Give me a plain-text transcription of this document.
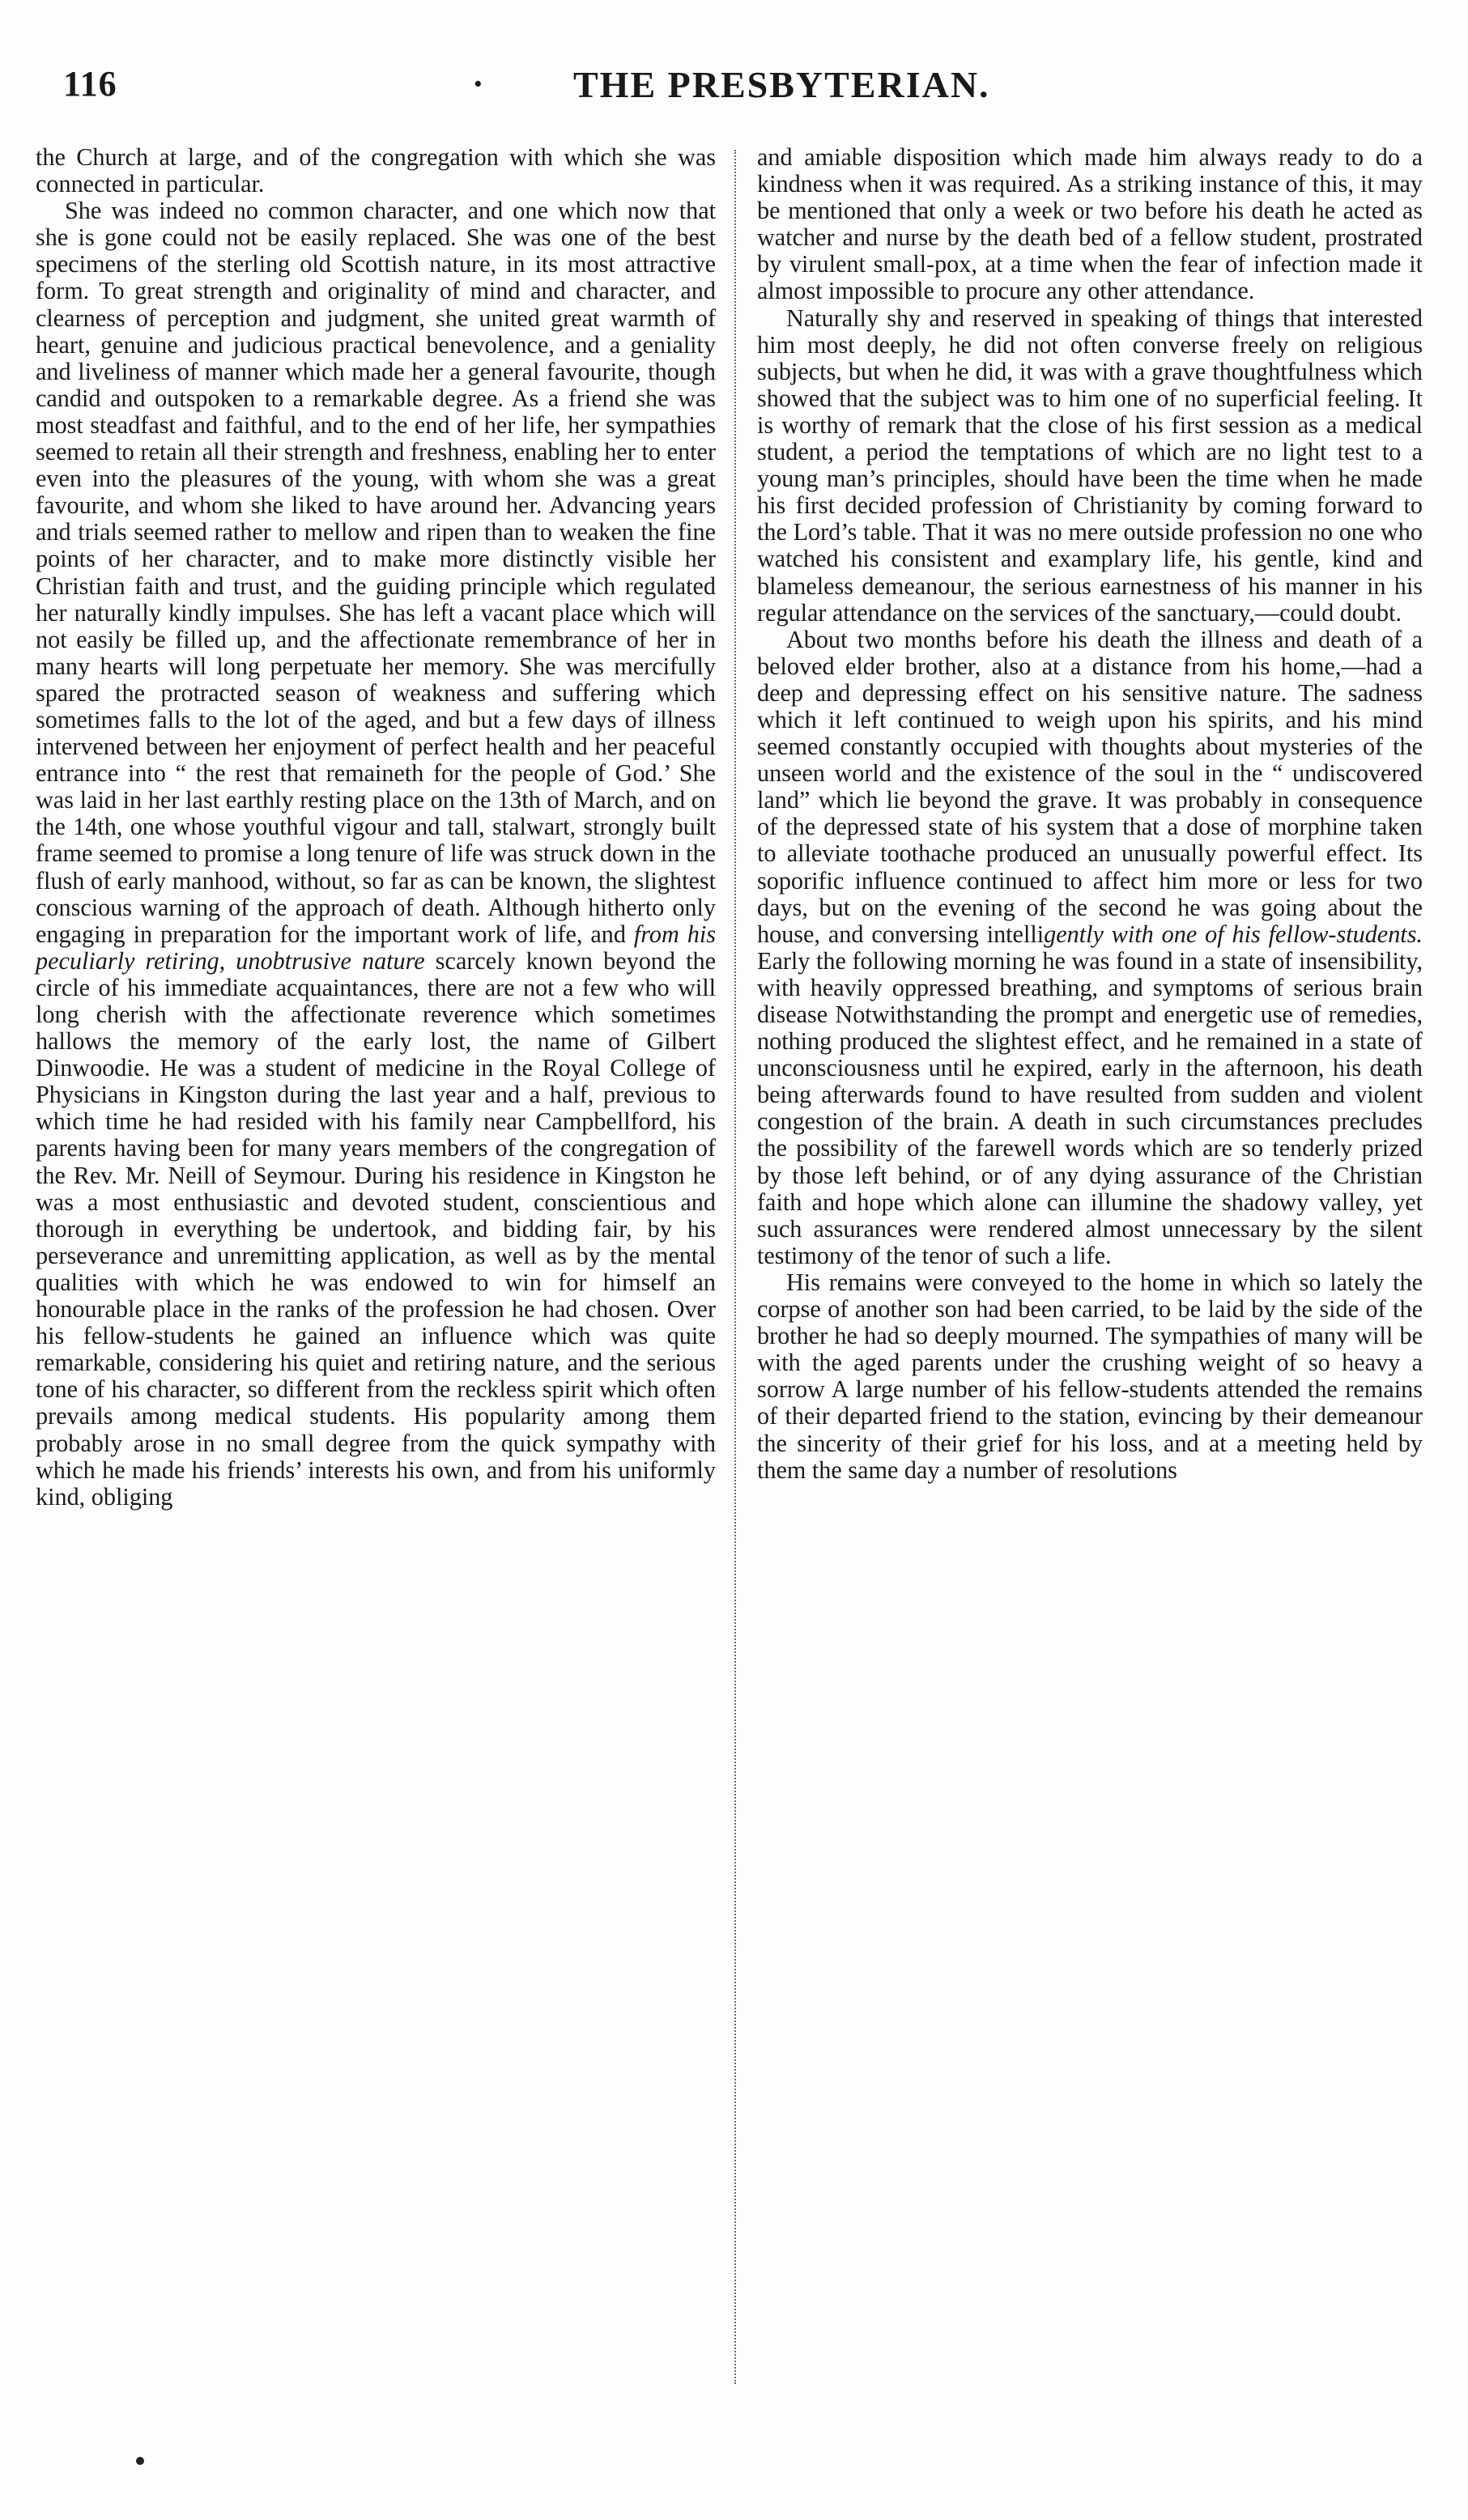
116	· THE PRESBYTERIAN.

the Church at large, and of the congregation with which she was connected in particular.

She was indeed no common character, and one which now that she is gone could not be easily replaced. She was one of the best specimens of the sterling old Scottish nature, in its most attractive form. To great strength and originality of mind and character, and clearness of perception and judgment, she united great warmth of heart, genuine and judicious practical benevolence, and a geniality and liveliness of manner which made her a general favourite, though candid and outspoken to a remarkable degree. As a friend she was most steadfast and faithful, and to the end of her life, her sympathies seemed to retain all their strength and freshness, enabling her to enter even into the pleasures of the young, with whom she was a great favourite, and whom she liked to have around her. Advancing years and trials seemed rather to mellow and ripen than to weaken the fine points of her character, and to make more distinctly visible her Christian faith and trust, and the guiding principle which regulated her naturally kindly impulses. She has left a vacant place which will not easily be filled up, and the affectionate remembrance of her in many hearts will long perpetuate her memory. She was mercifully spared the protracted season of weakness and suffering which sometimes falls to the lot of the aged, and but a few days of illness intervened between her enjoyment of perfect health and her peaceful entrance into “ the rest that remaineth for the people of God.’ She was laid in her last earthly resting place on the 13th of March, and on the 14th, one whose youthful vigour and tall, stalwart, strongly built frame seemed to promise a long tenure of life was struck down in the flush of early manhood, without, so far as can be known, the slightest conscious warning of the approach of death. Although hitherto only engaging in preparation for the important work of life, and from his peculiarly retiring, unobtrusive nature scarcely known beyond the circle of his immediate acquaintances, there are not a few who will long cherish with the affectionate reverence which sometimes hallows the memory of the early lost, the name of Gilbert Dinwoodie. He was a student of medicine in the Royal College of Physicians in Kingston during the last year and a half, previous to which time he had resided with his family near Campbellford, his parents having been for many years members of the congregation of the Rev. Mr. Neill of Seymour. During his residence in Kingston he was a most enthusiastic and devoted student, conscientious and thorough in everything be undertook, and bidding fair, by his perseverance and unremitting application, as well as by the mental qualities with which he was endowed to win for himself an honourable place in the ranks of the profession he had chosen. Over his fellow-students he gained an influence which was quite remarkable, considering his quiet and retiring nature, and the serious tone of his character, so different from the reckless spirit which often prevails among medical students. His popularity among them probably arose in no small degree from the quick sympathy with which he made his friends’ interests his own, and from his uniformly kind, obliging

and amiable disposition which made him always ready to do a kindness when it was required. As a striking instance of this, it may be mentioned that only a week or two before his death he acted as watcher and nurse by the death bed of a fellow student, prostrated by virulent small-pox, at a time when the fear of infection made it almost impossible to procure any other attendance.

Naturally shy and reserved in speaking of things that interested him most deeply, he did not often converse freely on religious subjects, but when he did, it was with a grave thoughtfulness which showed that the subject was to him one of no superficial feeling. It is worthy of remark that the close of his first session as a medical student, a period the temptations of which are no light test to a young man’s principles, should have been the time when he made his first decided profession of Christianity by coming forward to the Lord’s table. That it was no mere outside profession no one who watched his consistent and examplary life, his gentle, kind and blameless demeanour, the serious earnestness of his manner in his regular attendance on the services of the sanctuary,—could doubt.

About two months before his death the illness and death of a beloved elder brother, also at a distance from his home,—had a deep and depressing effect on his sensitive nature. The sadness which it left continued to weigh upon his spirits, and his mind seemed constantly occupied with thoughts about mysteries of the unseen world and the existence of the soul in the “ undiscovered land” which lie beyond the grave. It was probably in consequence of the depressed state of his system that a dose of morphine taken to alleviate toothache produced an unusually powerful effect. Its soporific influence continued to affect him more or less for two days, but on the evening of the second he was going about the house, and conversing intelligently with one of his fellow-students. Early the following morning he was found in a state of insensibility, with heavily oppressed breathing, and symptoms of serious brain disease Notwithstanding the prompt and energetic use of remedies, nothing produced the slightest effect, and he remained in a state of unconsciousness until he expired, early in the afternoon, his death being afterwards found to have resulted from sudden and violent congestion of the brain. A death in such circumstances precludes the possibility of the farewell words which are so tenderly prized by those left behind, or of any dying assurance of the Christian faith and hope which alone can illumine the shadowy valley, yet such assurances were rendered almost unnecessary by the silent testimony of the tenor of such a life.

His remains were conveyed to the home in which so lately the corpse of another son had been carried, to be laid by the side of the brother he had so deeply mourned. The sympathies of many will be with the aged parents under the crushing weight of so heavy a sorrow A large number of his fellow-students attended the remains of their departed friend to the station, evincing by their demeanour the sincerity of their grief for his loss, and at a meeting held by them the same day a number of resolutions
